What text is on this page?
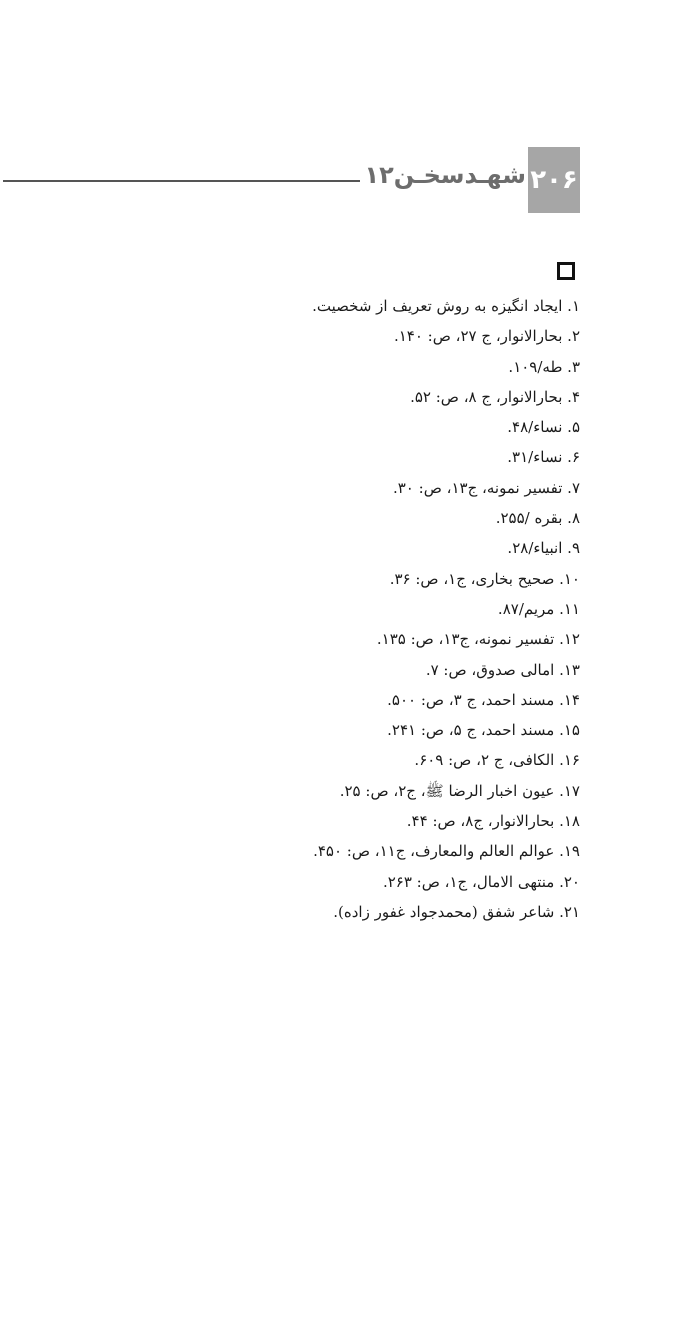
شهـدسخـن۱۲ ۲۰۶
۱. ایجاد انگیزه به روش تعریف از شخصیت.
۲. بحارالانوار، ج ۲۷، ص: ۱۴۰.
۳. طه/۱۰۹.
۴. بحارالانوار، ج ۸، ص: ۵۲.
۵. نساء/۴۸.
۶. نساء/۳۱.
۷. تفسیر نمونه، ج۱۳، ص: ۳۰.
۸. بقره /۲۵۵.
۹. انبیاء/۲۸.
۱۰. صحیح بخاری، ج۱، ص: ۳۶.
۱۱. مریم/۸۷.
۱۲. تفسیر نمونه، ج۱۳، ص: ۱۳۵.
۱۳. امالی صدوق، ص: ۷.
۱۴. مسند احمد، ج ۳، ص: ۵۰۰.
۱۵. مسند احمد، ج ۵، ص: ۲۴۱.
۱۶. الکافی، ج ۲، ص: ۶۰۹.
۱۷. عیون اخبار الرضا ﷺ، ج۲، ص: ۲۵.
۱۸. بحارالانوار، ج۸، ص: ۴۴.
۱۹. عوالم العالم والمعارف، ج۱۱، ص: ۴۵۰.
۲۰. منتهی الامال، ج۱، ص: ۲۶۳.
۲۱. شاعر شفق (محمدجواد غفور زاده).
